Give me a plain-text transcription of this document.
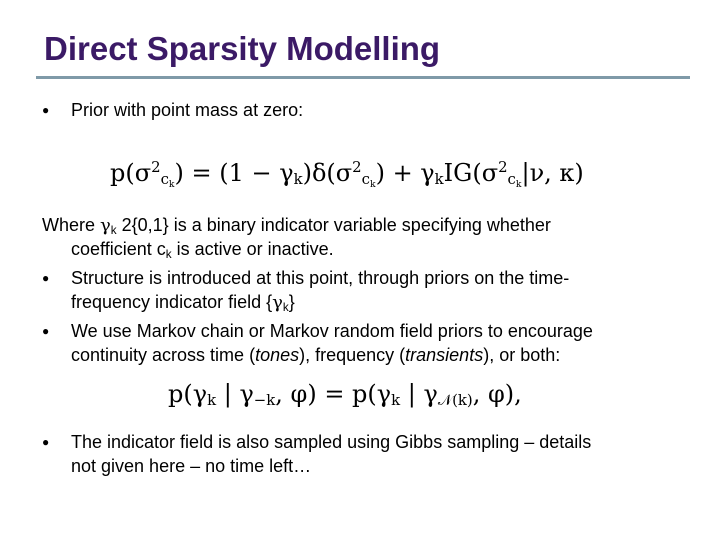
Direct Sparsity Modelling
● Prior with point mass at zero:
$p(\sigma^2_{c_k}) = (1 - \gamma_k)\delta(\sigma^2_{c_k}) + \gamma_kIG(\sigma^2_{c_k}|\nu$, κ)
Where $\gamma_k$ 2{0,1} is a binary indicator variable specifying whether
coefficient $c_k$ is active or inactive.
● Structure is introduced at this point, through priors on the time-
frequency indicator field $\{\gamma_k\}$
● We use Markov chain or Markov random field priors to encourage
continuity across time (tones), frequency (transients), or both:
$p(\gamma_k$ | $\gamma_{-k}$, $\varphi) = p(\gamma_k$ | $\gamma_{𝒩(k)}$, φ),
● The indicator field is also sampled using Gibbs sampling – details
not given here – no time left…
